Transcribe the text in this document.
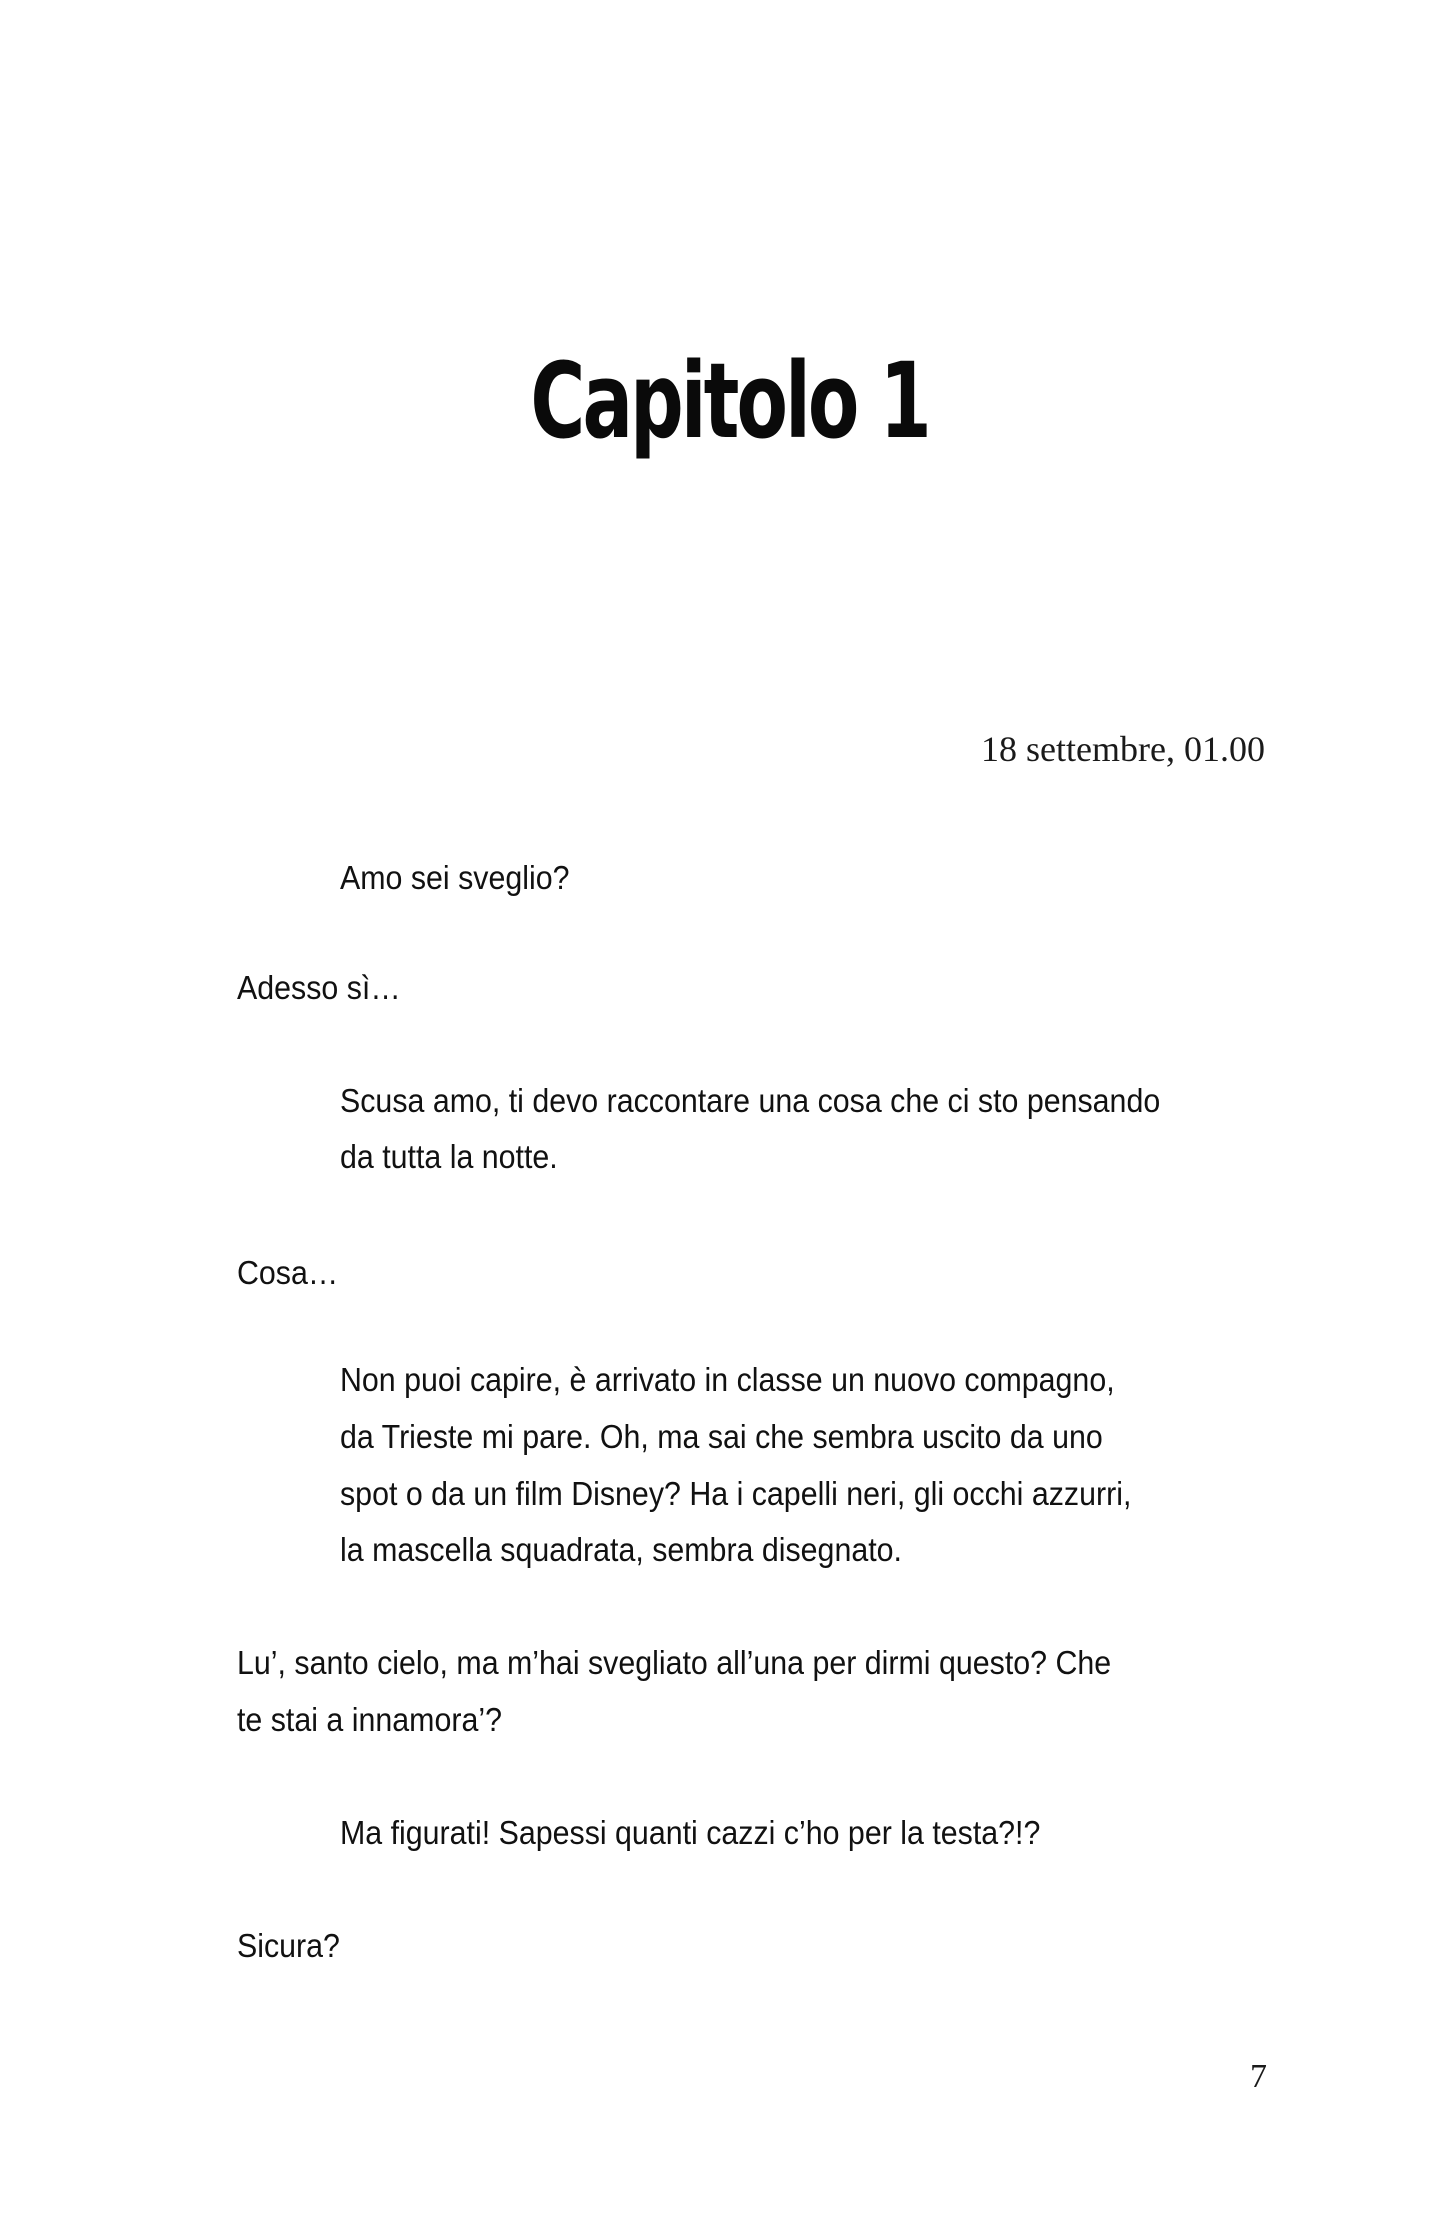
Capitolo 1
18 settembre, 01.00
Amo sei sveglio?
Adesso sì…
Scusa amo, ti devo raccontare una cosa che ci sto pensando
da tutta la notte.
Cosa…
Non puoi capire, è arrivato in classe un nuovo compagno,
da Trieste mi pare. Oh, ma sai che sembra uscito da uno
spot o da un film Disney? Ha i capelli neri, gli occhi azzurri,
la mascella squadrata, sembra disegnato.
Lu’, santo cielo, ma m’hai svegliato all’una per dirmi questo? Che
te stai a innamora’?
Ma figurati! Sapessi quanti cazzi c’ho per la testa?!?
Sicura?
7
